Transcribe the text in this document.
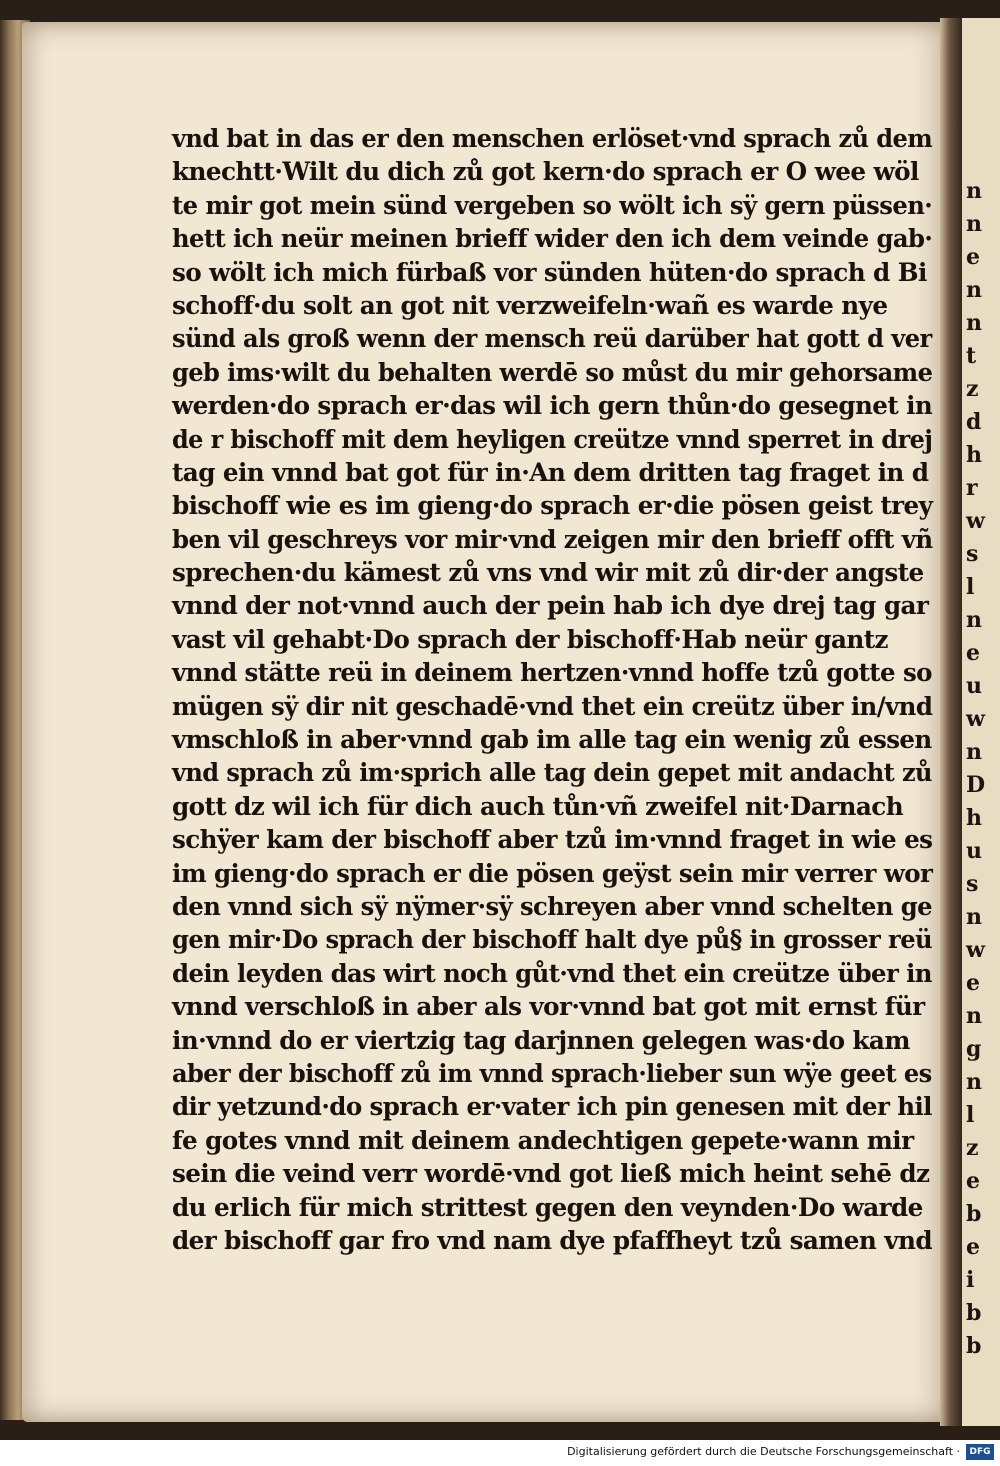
vnd bat in das er den menschen erlöset·vnd sprach zů dem
knechtt·Wilt du dich zů got kern·do sprach er O wee wöl
te mir got mein sünd vergeben so wölt ich sÿ gern püssen·
hett ich neür meinen brieff wider den ich dem veinde gab·
so wölt ich mich fürbaß vor sünden hüten·do sprach d Bi
schoff·du solt an got nit verzweifeln·wañ es warde nye
sünd als groß wenn der mensch reü darüber hat gott d ver
geb ims·wilt du behalten werdē so můst du mir gehorsame
werden·do sprach er·das wil ich gern thůn·do gesegnet in
de r bischoff mit dem heyligen creütze vnnd sperret in drej
tag ein vnnd bat got für in·An dem dritten tag fraget in d
bischoff wie es im gieng·do sprach er·die pösen geist trey
ben vil geschreys vor mir·vnd zeigen mir den brieff offt vñ
sprechen·du kämest zů vns vnd wir mit zů dir·der angste
vnnd der not·vnnd auch der pein hab ich dye drej tag gar
vast vil gehabt·Do sprach der bischoff·Hab neür gantz
vnnd stätte reü in deinem hertzen·vnnd hoffe tzů gotte so
mügen sÿ dir nit geschadē·vnd thet ein creütz über in/vnd
vmschloß in aber·vnnd gab im alle tag ein wenig zů essen
vnd sprach zů im·sprich alle tag dein gepet mit andacht zů
gott dz wil ich für dich auch tůn·vñ zweifel nit·Darnach
schÿer kam der bischoff aber tzů im·vnnd fraget in wie es
im gieng·do sprach er die pösen geÿst sein mir verrer wor
den vnnd sich sÿ nÿmer·sÿ schreyen aber vnnd schelten ge
gen mir·Do sprach der bischoff halt dye pů§ in grosser reü
dein leyden das wirt noch gůt·vnd thet ein creütze über in
vnnd verschloß in aber als vor·vnnd bat got mit ernst für
in·vnnd do er viertzig tag darjnnen gelegen was·do kam
aber der bischoff zů im vnnd sprach·lieber sun wÿe geet es
dir yetzund·do sprach er·vater ich pin genesen mit der hil
fe gotes vnnd mit deinem andechtigen gepete·wann mir
sein die veind verr wordē·vnd got ließ mich heint sehē dz
du erlich für mich strittest gegen den veynden·Do warde
der bischoff gar fro vnd nam dye pfaffheyt tzů samen vnd
n
n
e
n
n
t
z
d
h
r
w
s
l
n
e
u
w
n
D
h
u
s
n
w
e
n
g
n
l
z
e
b
e
i
b
b
Digitalisierung gefördert durch die Deutsche Forschungsgemeinschaft ·	DFG
